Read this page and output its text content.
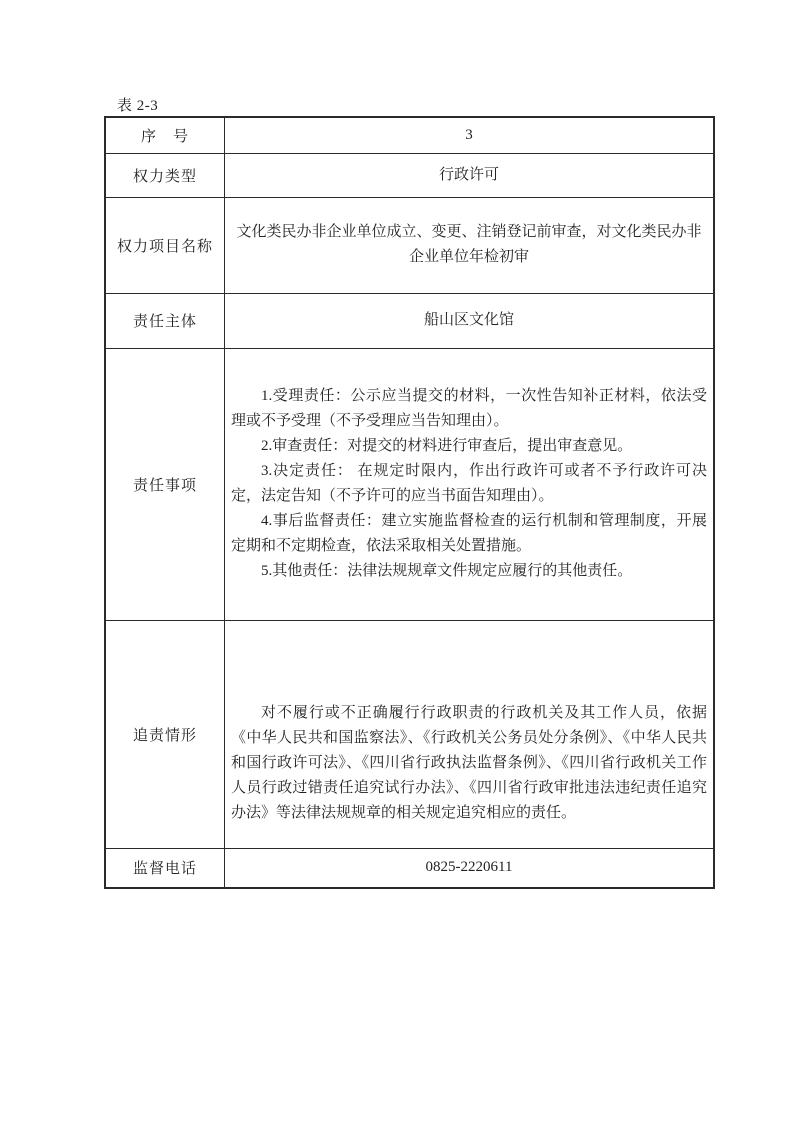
表 2-3
序　号	3
权力类型	行政许可
权力项目名称	文化类民办非企业单位成立、变更、注销登记前审查，对文化类民办非企业单位年检初审
责任主体	船山区文化馆
责任事项	1.受理责任：公示应当提交的材料，一次性告知补正材料，依法受理或不予受理（不予受理应当告知理由）。

2.审查责任：对提交的材料进行审查后，提出审查意见。

3.决定责任： 在规定时限内，作出行政许可或者不予行政许可决定，法定告知（不予许可的应当书面告知理由）。

4.事后监督责任：建立实施监督检查的运行机制和管理制度，开展定期和不定期检查，依法采取相关处置措施。

5.其他责任：法律法规规章文件规定应履行的其他责任。

追责情形	对不履行或不正确履行行政职责的行政机关及其工作人员，依据《中华人民共和国监察法》、《行政机关公务员处分条例》、《中华人民共和国行政许可法》、《四川省行政执法监督条例》、《四川省行政机关工作人员行政过错责任追究试行办法》、《四川省行政审批违法违纪责任追究办法》等法律法规规章的相关规定追究相应的责任。

监督电话	0825-2220611
